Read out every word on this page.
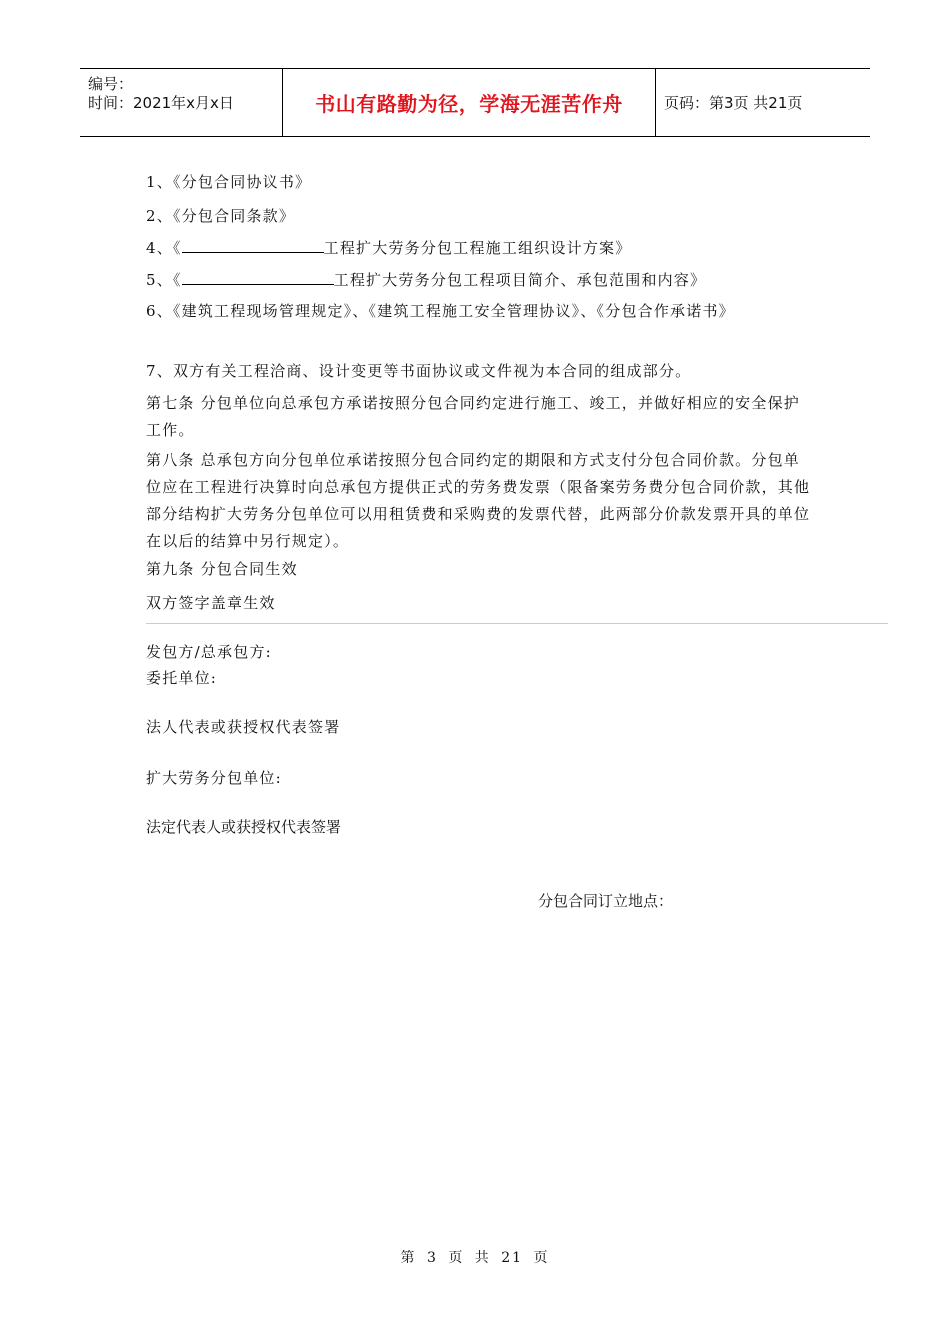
编号：
时间：2021年x月x日	书山有路勤为径，学海无涯苦作舟	页码：第3页 共21页
1、《分包合同协议书》
2、《分包合同条款》
4、《	工程扩大劳务分包工程施工组织设计方案》
5、《	工程扩大劳务分包工程项目简介、承包范围和内容》
6、《建筑工程现场管理规定》、《建筑工程施工安全管理协议》、《分包合作承诺书》
7、双方有关工程洽商、设计变更等书面协议或文件视为本合同的组成部分。
第七条 分包单位向总承包方承诺按照分包合同约定进行施工、竣工，并做好相应的安全保护工作。
第八条 总承包方向分包单位承诺按照分包合同约定的期限和方式支付分包合同价款。分包单位应在工程进行决算时向总承包方提供正式的劳务费发票（限备案劳务费分包合同价款，其他部分结构扩大劳务分包单位可以用租赁费和采购费的发票代替，此两部分价款发票开具的单位在以后的结算中另行规定）。
第九条 分包合同生效
双方签字盖章生效
发包方/总承包方:
委托单位:
法人代表或获授权代表签署
扩大劳务分包单位:
法定代表人或获授权代表签署
分包合同订立地点：
第 3 页 共 21 页
